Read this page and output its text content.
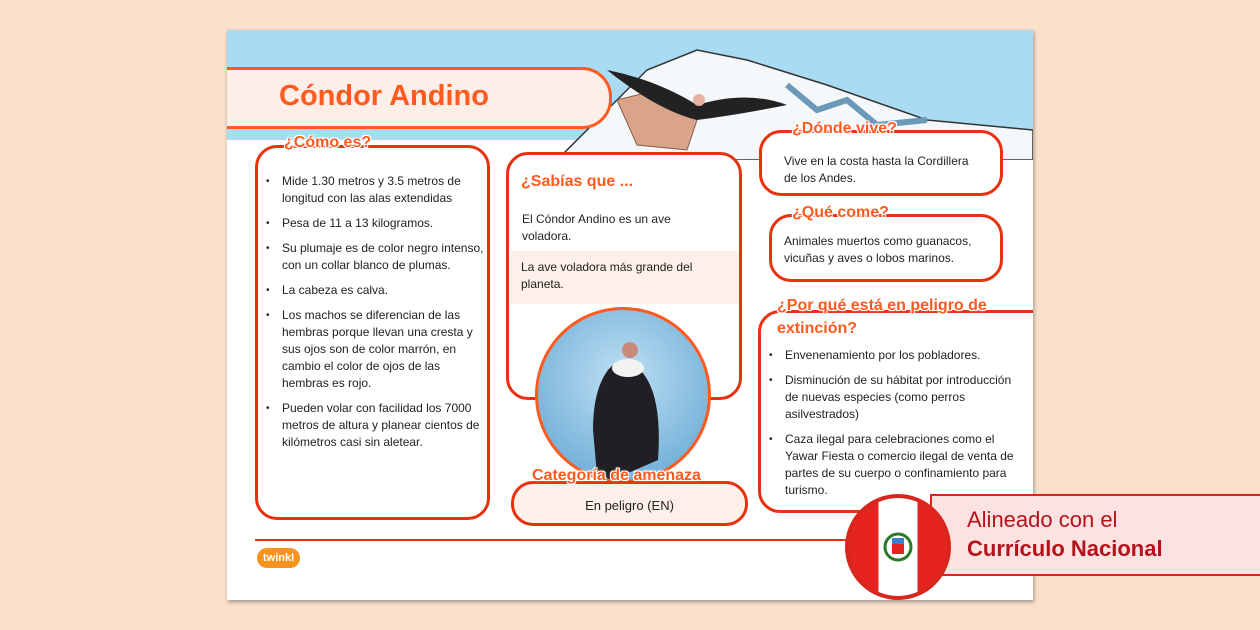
Cóndor Andino
• Mide 1.30 metros y 3.5 metros de longitud con las alas extendidas
• Pesa de 11 a 13 kilogramos.
• Su plumaje es de color negro intenso, con un collar blanco de plumas.
• La cabeza es calva.
• Los machos se diferencian de las hembras porque llevan una cresta y sus ojos son de color marrón, en cambio el color de ojos de las hembras es rojo.
• Pueden volar con facilidad los 7000 metros de altura y planear cientos de kilómetros casi sin aletear.
¿Cómo es?
¿Sabías que ...
El Cóndor Andino es un ave voladora.
La ave voladora más grande del planeta.
En peligro (EN)
Categoría de amenaza
Vive en la costa hasta la Cordillera de los Andes.
¿Dónde vive?
Animales muertos como guanacos, vicuñas y aves o lobos marinos.
¿Qué come?
• Envenenamiento por los pobladores.
• Disminución de su hábitat por introducción de nuevas especies (como perros asilvestrados)
• Caza ilegal para celebraciones como el Yawar Fiesta o comercio ilegal de venta de partes de su cuerpo o confinamiento para turismo.
¿Por qué está en peligro de extinción?
twinkl
Alineado con el
Currículo Nacional
